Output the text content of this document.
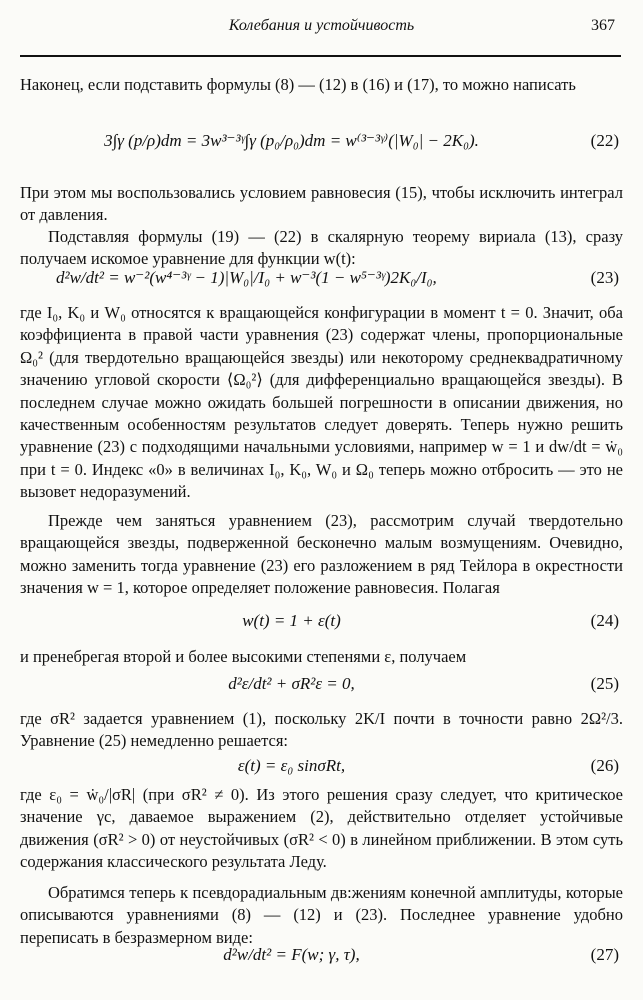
Колебания и устойчивость	367

Наконец, если подставить формулы (8) — (12) в (16) и (17), то можно написать

3∫γ (p/ρ)dm = 3w³⁻³ᵞ∫γ (p₀/ρ₀)dm = w⁽³⁻³ᵞ⁾(|W₀| − 2K₀).	(22)

При этом мы воспользовались условием равновесия (15), чтобы исключить интеграл от давления.

Подставляя формулы (19) — (22) в скалярную теорему вириала (13), сразу получаем искомое уравнение для функции w(t):

d²w/dt² = w⁻²(w⁴⁻³ᵞ − 1)|W₀|/I₀ + w⁻³(1 − w⁵⁻³ᵞ)2K₀/I₀,	(23)

где I₀, K₀ и W₀ относятся к вращающейся конфигурации в момент t = 0. Значит, оба коэффициента в правой части уравнения (23) содержат члены, пропорциональные Ω₀² (для твердотельно вращающейся звезды) или некоторому среднеквадратичному значению угловой скорости ⟨Ω₀²⟩ (для дифференциально вращающейся звезды). В последнем случае можно ожидать большей погрешности в описании движения, но качественным особенностям результатов следует доверять. Теперь нужно решить уравнение (23) с подходящими начальными условиями, например w = 1 и dw/dt = ẇ₀ при t = 0. Индекс «0» в величинах I₀, K₀, W₀ и Ω₀ теперь можно отбросить — это не вызовет недоразумений.

Прежде чем заняться уравнением (23), рассмотрим случай твердотельно вращающейся звезды, подверженной бесконечно малым возмущениям. Очевидно, можно заменить тогда уравнение (23) его разложением в ряд Тейлора в окрестности значения w = 1, которое определяет положение равновесия. Полагая

w(t) = 1 + ε(t)	(24)

и пренебрегая второй и более высокими степенями ε, получаем

d²ε/dt² + σR²ε = 0,	(25)

где σR² задается уравнением (1), поскольку 2K/I почти в точности равно 2Ω²/3. Уравнение (25) немедленно решается:

ε(t) = ε₀ sinσRt,	(26)

где ε₀ = ẇ₀/|σR| (при σR² ≠ 0). Из этого решения сразу следует, что критическое значение γc, даваемое выражением (2), действительно отделяет устойчивые движения (σR² > 0) от неустойчивых (σR² < 0) в линейном приближении. В этом суть содержания классического результата Леду.

Обратимся теперь к псевдорадиальным дв:жениям конечной амплитуды, которые описываются уравнениями (8) — (12) и (23). Последнее уравнение удобно переписать в безразмерном виде:

d²w/dt² = F(w; γ, τ),	(27)
